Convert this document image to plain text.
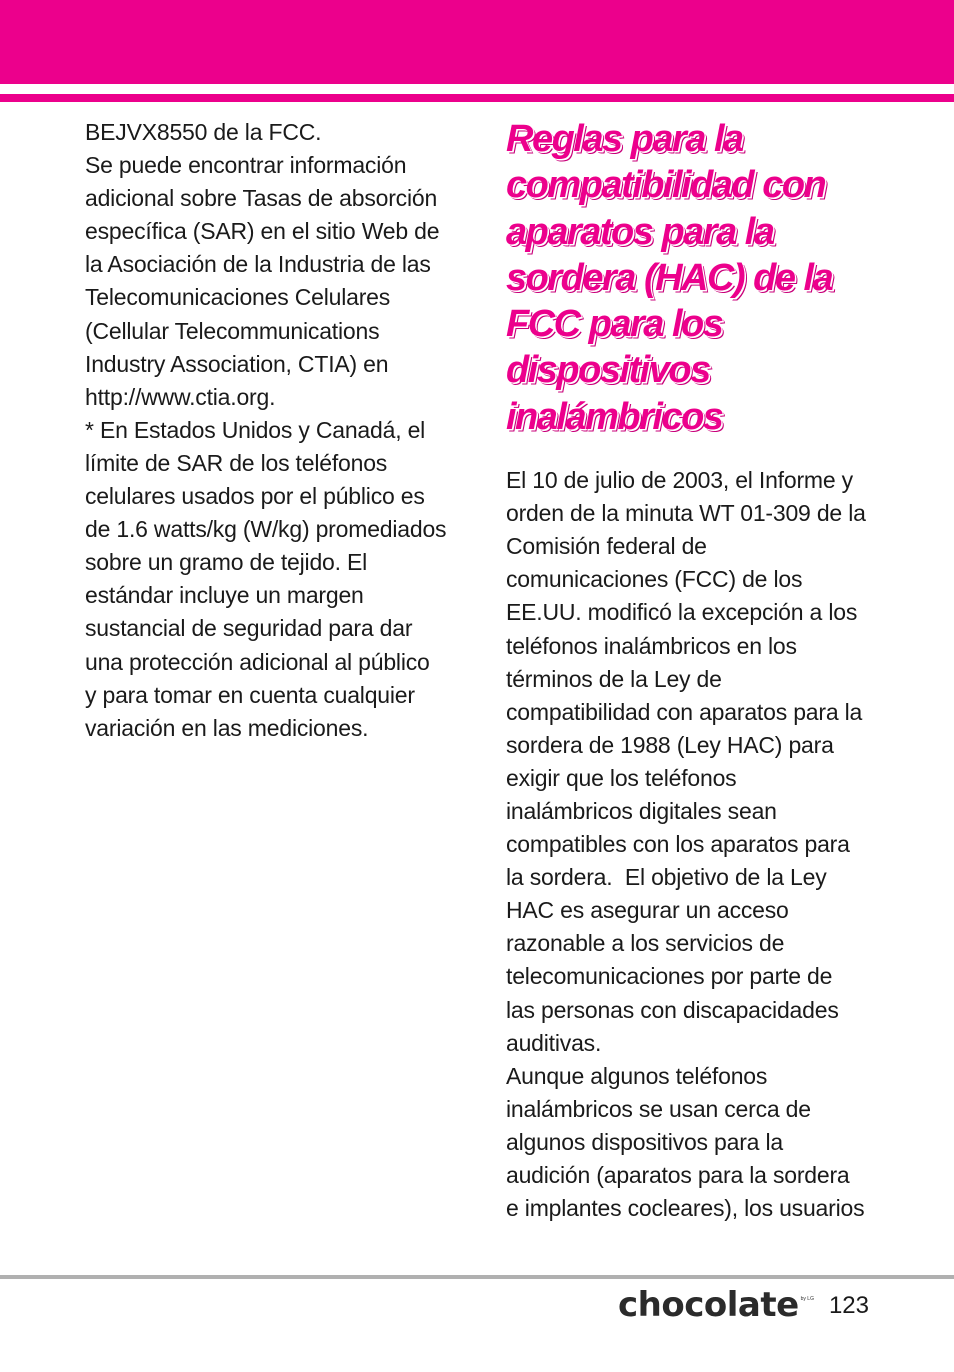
BEJVX8550 de la FCC.

Se puede encontrar información

adicional sobre Tasas de absorción

específica (SAR) en el sitio Web de

la Asociación de la Industria de las

Telecomunicaciones Celulares

(Cellular Telecommunications

Industry Association, CTIA) en

http://www.ctia.org.

* En Estados Unidos y Canadá, el

límite de SAR de los teléfonos

celulares usados por el público es

de 1.6 watts/kg (W/kg) promediados

sobre un gramo de tejido. El

estándar incluye un margen

sustancial de seguridad para dar

una protección adicional al público

y para tomar en cuenta cualquier

variación en las mediciones.

Reglas para la
compatibilidad con
aparatos para la
sordera (HAC) de la
FCC para los
dispositivos
inalámbricos

El 10 de julio de 2003, el Informe y

orden de la minuta WT 01-309 de la

Comisión federal de

comunicaciones (FCC) de los

EE.UU. modificó la excepción a los

teléfonos inalámbricos en los

términos de la Ley de

compatibilidad con aparatos para la

sordera de 1988 (Ley HAC) para

exigir que los teléfonos

inalámbricos digitales sean

compatibles con los aparatos para

la sordera.  El objetivo de la Ley

HAC es asegurar un acceso

razonable a los servicios de

telecomunicaciones por parte de

las personas con discapacidades

auditivas.

Aunque algunos teléfonos

inalámbricos se usan cerca de

algunos dispositivos para la

audición (aparatos para la sordera

e implantes cocleares), los usuarios

chocolate by LG 123
